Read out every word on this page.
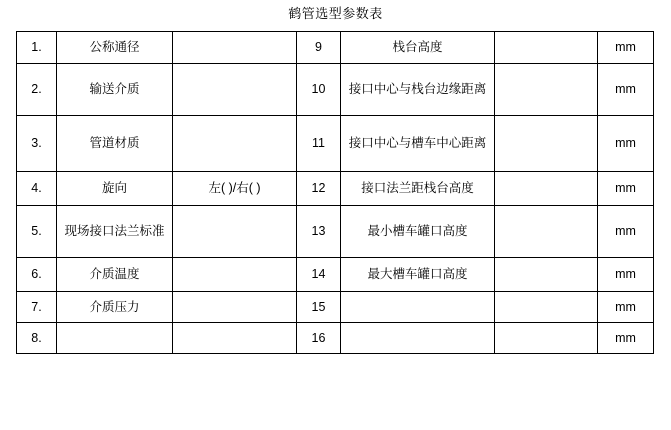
鹤管选型参数表
1.	公称通径		9	栈台高度		mm
2.	输送介质		10	接口中心与栈台边缘距离		mm
3.	管道材质		11	接口中心与槽车中心距离		mm
4.	旋向	左( )/右( )	12	接口法兰距栈台高度		mm
5.	现场接口法兰标准		13	最小槽车罐口高度		mm
6.	介质温度		14	最大槽车罐口高度		mm
7.	介质压力		15			mm
8.			16			mm
